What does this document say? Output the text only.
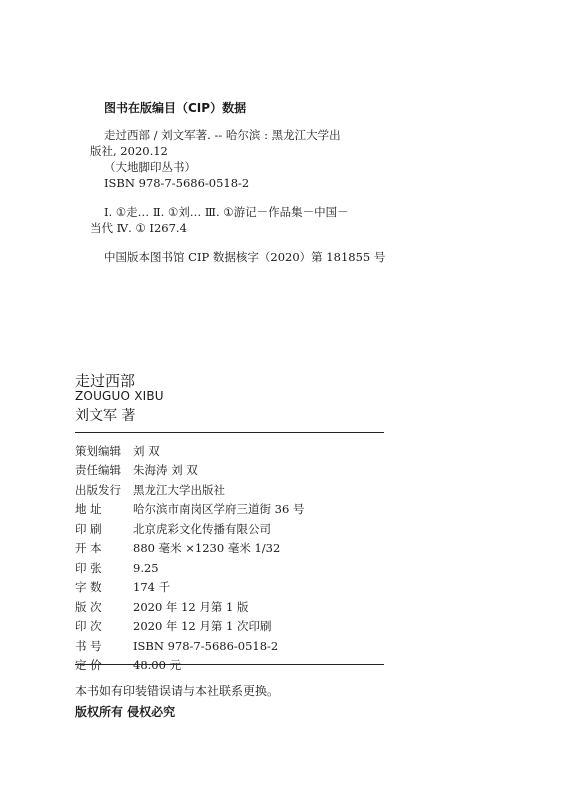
图书在版编目（CIP）数据
走过西部 / 刘文军著. -- 哈尔滨 : 黑龙江大学出
版社, 2020.12
（大地脚印丛书）
ISBN 978-7-5686-0518-2
Ⅰ. ①走… Ⅱ. ①刘… Ⅲ. ①游记－作品集－中国－
当代 Ⅳ. ① I267.4
中国版本图书馆 CIP 数据核字（2020）第 181855 号
走过西部
ZOUGUO XIBU
刘文军 著
策划编辑	刘 双
责任编辑	朱海涛 刘 双
出版发行	黑龙江大学出版社
地 址	哈尔滨市南岗区学府三道街 36 号
印 刷	北京虎彩文化传播有限公司
开 本	880 毫米 ×1230 毫米 1/32
印 张	9.25
字 数	174 千
版 次	2020 年 12 月第 1 版
印 次	2020 年 12 月第 1 次印刷
书 号	ISBN 978-7-5686-0518-2
定 价	48.00 元
本书如有印装错误请与本社联系更换。
版权所有 侵权必究
